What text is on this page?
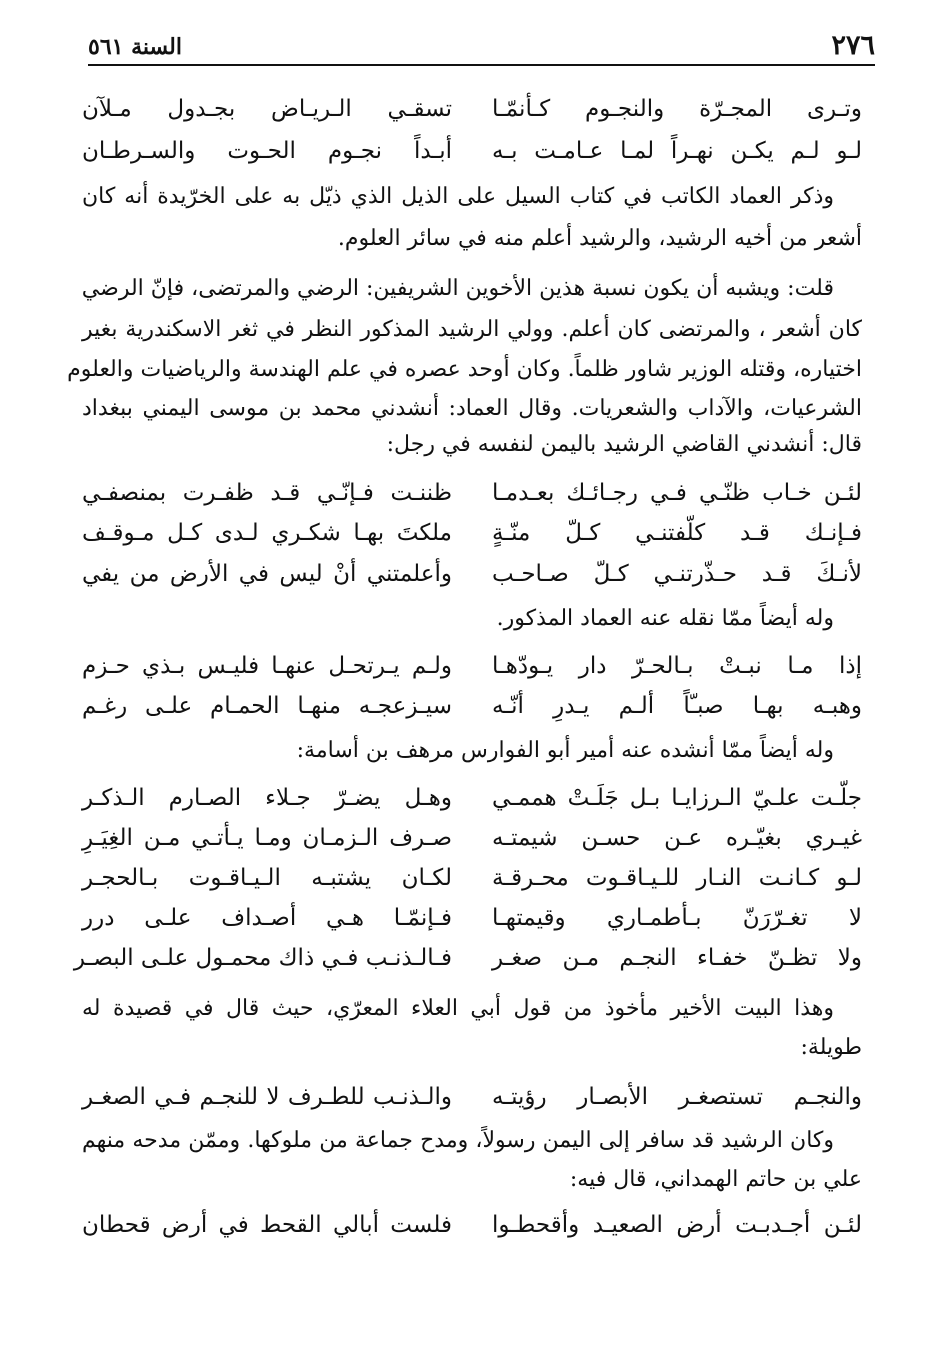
٢٧٦
السنة ٥٦١
وتـرى المجـرّة والنجـوم كـأنمّـا
تسقـي الـريـاض بجـدول مـلآن
لـو لـم يكـن نهـراً لمـا عـامـت بـه
أبـداً نجـوم الحـوت والسـرطـان
وذكر العماد الكاتب في كتاب السيل على الذيل الذي ذيّل به على الخرّيدة أنه كان
أشعر من أخيه الرشيد، والرشيد أعلم منه في سائر العلوم.
قلت: ويشبه أن يكون نسبة هذين الأخوين الشريفين: الرضي والمرتضى، فإنّ الرضي
كان أشعر ، والمرتضى كان أعلم. وولي الرشيد المذكور النظر في ثغر الاسكندرية بغير
اختياره، وقتله الوزير شاور ظلماً. وكان أوحد عصره في علم الهندسة والرياضيات والعلوم
الشرعيات، والآداب والشعريات. وقال العماد: أنشدني محمد بن موسى اليمني ببغداد
قال: أنشدني القاضي الرشيد باليمن لنفسه في رجل:
لئـن خـاب ظنّـي فـي رجـائـك بعـدمـا
ظننـت فـإنّـي قـد ظفـرت بمنصفـي
فـإنـك قـد كلّفتنـي كـلّ منّـةٍ
ملكتَ بهـا شكـري لـدى كـل مـوقـف
لأنـكَ قـد حـذّرتنـي كـلّ صـاحـب
وأعلمتني أنْ ليس في الأرض من يفي
وله أيضاً ممّا نقله عنه العماد المذكور.
إذا مـا نبـتْ بـالحـرّ دار يـودّهـا
ولـم يـرتحـل عنهـا فليـس بـذي حـزم
وهبـه بهـا صبـّاً ألـم يـدرِ أنّـه
سيـزعجـه منهـا الحمـام علـى رغـم
وله أيضاً ممّا أنشده عنه أمير أبو الفوارس مرهف بن أسامة:
جلّـت علـيّ الـرزايـا بـل جَلَـتْ هممـي
وهـل يضـرّ جـلاء الصـارم الـذكـر
غيـري بغيّـره عـن حسـن شيمتـه
صـرف الـزمـان ومـا يـأتـي مـن الغِيَـرِ
لـو كـانـت النـار للـيـاقـوت محـرقـة
لكـان يشتبـه الـيـاقـوت بـالحجـر
لا تغـرّرَنّ بـأطمـاري وقيمتهـا
فـإنمّـا هـي أصـداف علـى درر
ولا تظـنّ خفـاء النجـم مـن صغـر
فـالـذنـب فـي ذاك محمـول علـى البصـر
وهذا البيت الأخير مأخوذ من قول أبي العلاء المعرّي، حيث قال في قصيدة له
طويلة:
والنجـم تستصغـر الأبصـار رؤيتـه
والـذنـب للطـرف لا للنجـم فـي الصغـر
وكان الرشيد قد سافر إلى اليمن رسولاً، ومدح جماعة من ملوكها. وممّن مدحه منهم
علي بن حاتم الهمداني، قال فيه:
لئـن أجـدبـت أرض الصعيـد وأقحطـوا
فلست أبالي القحط في أرض قحطان
